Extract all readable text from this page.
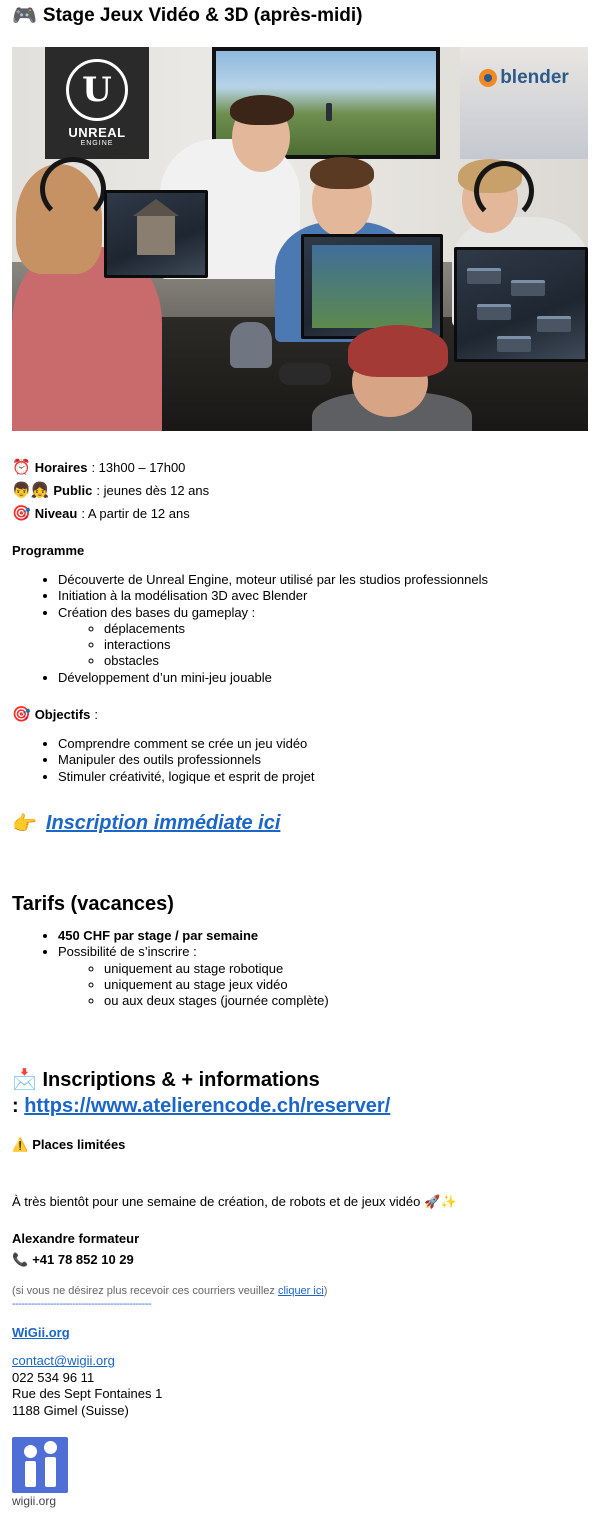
🎮 Stage Jeux Vidéo & 3D (après-midi)
U
UNREAL
ENGINE
blender
⏰ Horaires : 13h00 – 17h00
👦👧 Public : jeunes dès 12 ans
🎯 Niveau : A partir de 12 ans
Programme
• Découverte de Unreal Engine, moteur utilisé par les studios professionnels
• Initiation à la modélisation 3D avec Blender
• Création des bases du gameplay :
◦ déplacements
◦ interactions
◦ obstacles
• Développement d’un mini-jeu jouable
🎯 Objectifs :
• Comprendre comment se crée un jeu vidéo
• Manipuler des outils professionnels
• Stimuler créativité, logique et esprit de projet
👉 Inscription immédiate ici
Tarifs (vacances)
• 450 CHF par stage / par semaine
• Possibilité de s’inscrire :
◦ uniquement au stage robotique
◦ uniquement au stage jeux vidéo
◦ ou aux deux stages (journée complète)
📩 Inscriptions & + informations
: https://www.atelierencode.ch/reserver/
⚠️ Places limitées
À très bientôt pour une semaine de création, de robots et de jeux vidéo 🚀✨
Alexandre formateur
📞 +41 78 852 10 29
(si vous ne désirez plus recevoir ces courriers veuillez cliquer ici)
--------------------------------------------
WiGii.org
contact@wigii.org
022 534 96 11
Rue des Sept Fontaines 1
1188 Gimel (Suisse)
wigii.org
